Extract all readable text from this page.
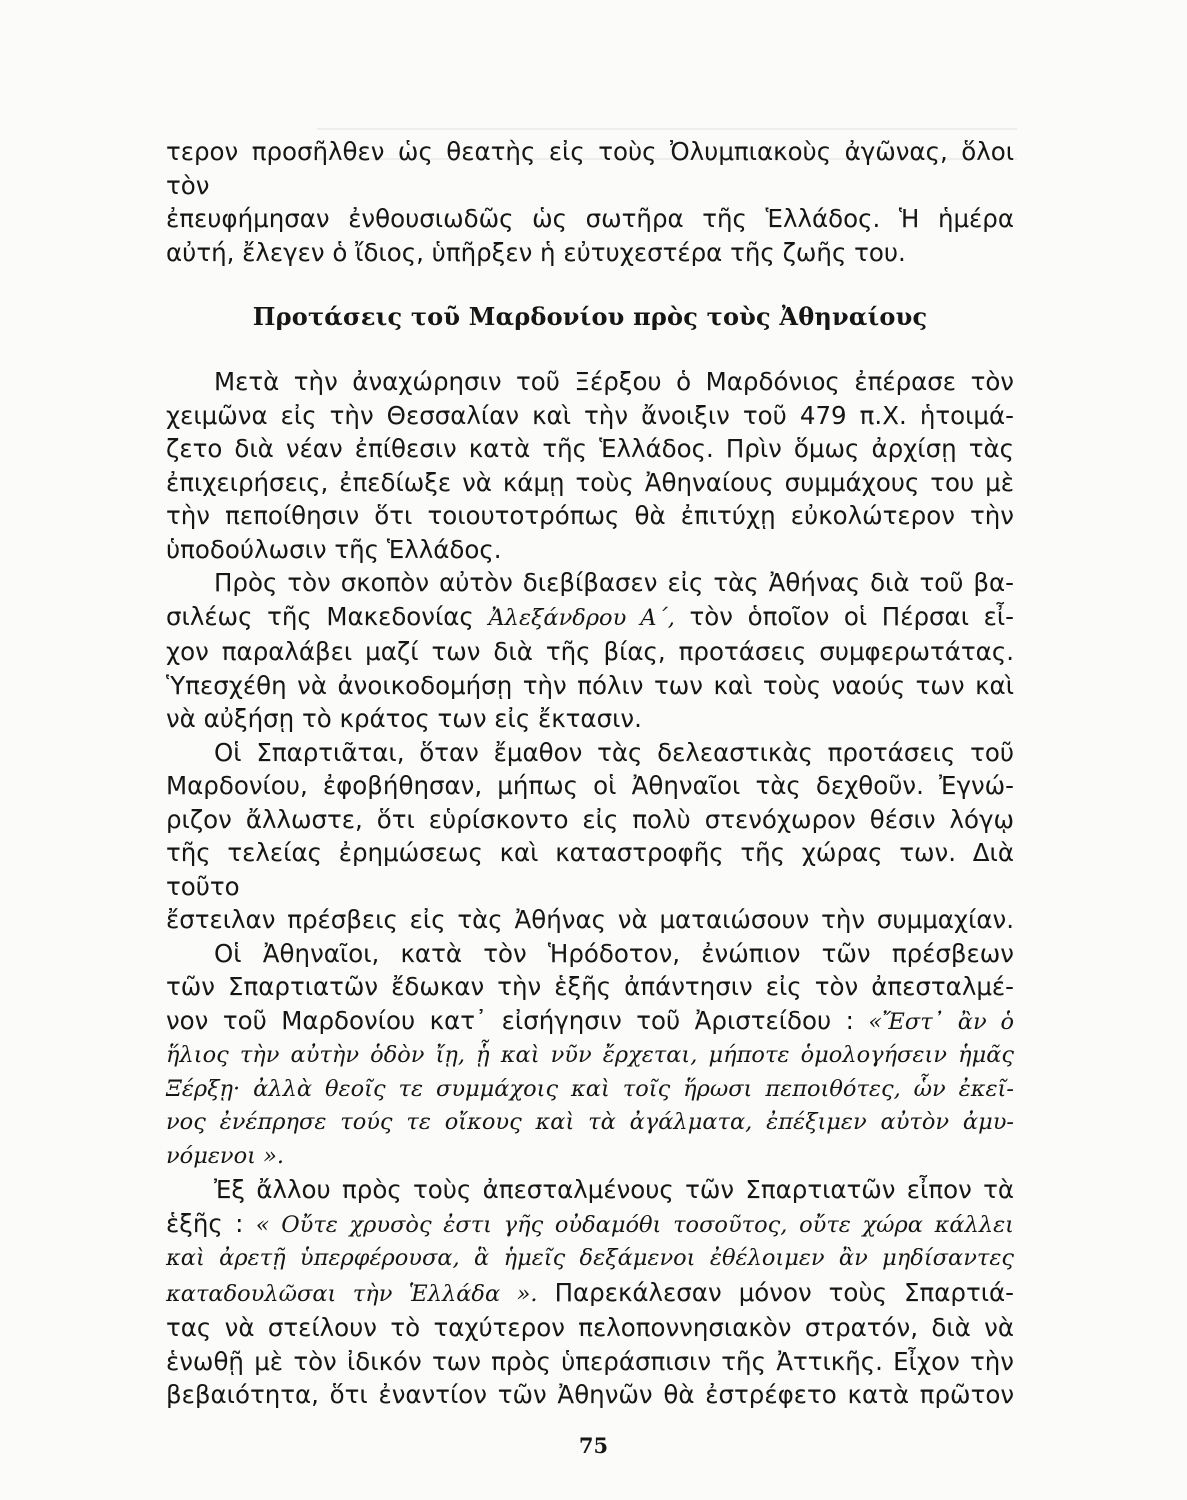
τερον προσῆλθεν ὡς θεατὴς εἰς τοὺς Ὀλυμπιακοὺς ἀγῶνας, ὅλοι τὸν

ἐπευφήμησαν ἐνθουσιωδῶς ὡς σωτῆρα τῆς Ἑλλάδος. Ἡ ἡμέρα

αὐτή, ἔλεγεν ὁ ἴδιος, ὑπῆρξεν ἡ εὐτυχεστέρα τῆς ζωῆς του.

Προτάσεις τοῦ Μαρδονίου πρὸς τοὺς Ἀθηναίους

Μετὰ τὴν ἀναχώρησιν τοῦ Ξέρξου ὁ Μαρδόνιος ἐπέρασε τὸν

χειμῶνα εἰς τὴν Θεσσαλίαν καὶ τὴν ἄνοιξιν τοῦ 479 π.Χ. ἡτοιμά-

ζετο διὰ νέαν ἐπίθεσιν κατὰ τῆς Ἑλλάδος. Πρὶν ὅμως ἀρχίσῃ τὰς

ἐπιχειρήσεις, ἐπεδίωξε νὰ κάμῃ τοὺς Ἀθηναίους συμμάχους του μὲ

τὴν πεποίθησιν ὅτι τοιουτοτρόπως θὰ ἐπιτύχῃ εὐκολώτερον τὴν

ὑποδούλωσιν τῆς Ἑλλάδος.

Πρὸς τὸν σκοπὸν αὐτὸν διεβίβασεν εἰς τὰς Ἀθήνας διὰ τοῦ βα-

σιλέως τῆς Μακεδονίας Ἀλεξάνδρου Α΄, τὸν ὁποῖον οἱ Πέρσαι εἶ-

χον παραλάβει μαζί των διὰ τῆς βίας, προτάσεις συμφερωτάτας.

Ὑπεσχέθη νὰ ἀνοικοδομήσῃ τὴν πόλιν των καὶ τοὺς ναούς των καὶ

νὰ αὐξήσῃ τὸ κράτος των εἰς ἔκτασιν.

Οἱ Σπαρτιᾶται, ὅταν ἔμαθον τὰς δελεαστικὰς προτάσεις τοῦ

Μαρδονίου, ἐφοβήθησαν, μήπως οἱ Ἀθηναῖοι τὰς δεχθοῦν. Ἐγνώ-

ριζον ἄλλωστε, ὅτι εὑρίσκοντο εἰς πολὺ στενόχωρον θέσιν λόγῳ

τῆς τελείας ἐρημώσεως καὶ καταστροφῆς τῆς χώρας των. Διὰ τοῦτο

ἔστειλαν πρέσβεις εἰς τὰς Ἀθήνας νὰ ματαιώσουν τὴν συμμαχίαν.

Οἱ Ἀθηναῖοι, κατὰ τὸν Ἡρόδοτον, ἐνώπιον τῶν πρέσβεων

τῶν Σπαρτιατῶν ἔδωκαν τὴν ἑξῆς ἀπάντησιν εἰς τὸν ἀπεσταλμέ-

νον τοῦ Μαρδονίου κατ᾿ εἰσήγησιν τοῦ Ἀριστείδου : «Ἔστ᾿ ἂν ὁ

ἥλιος τὴν αὐτὴν ὁδὸν ἴῃ, ᾗ καὶ νῦν ἔρχεται, μήποτε ὁμολογήσειν ἡμᾶς

Ξέρξῃ· ἀλλὰ θεοῖς τε συμμάχοις καὶ τοῖς ἥρωσι πεποιθότες, ὧν ἐκεῖ-

νος ἐνέπρησε τούς τε οἴκους καὶ τὰ ἀγάλματα, ἐπέξιμεν αὐτὸν ἀμυ-

νόμενοι ».

Ἐξ ἄλλου πρὸς τοὺς ἀπεσταλμένους τῶν Σπαρτιατῶν εἶπον τὰ

ἑξῆς : « Οὔτε χρυσὸς ἐστι γῆς οὐδαμόθι τοσοῦτος, οὔτε χώρα κάλλει

καὶ ἀρετῇ ὑπερφέρουσα, ἃ ἡμεῖς δεξάμενοι ἐθέλοιμεν ἂν μηδίσαντες

καταδουλῶσαι τὴν Ἑλλάδα ». Παρεκάλεσαν μόνον τοὺς Σπαρτιά-

τας νὰ στείλουν τὸ ταχύτερον πελοποννησιακὸν στρατόν, διὰ νὰ

ἑνωθῇ μὲ τὸν ἰδικόν των πρὸς ὑπεράσπισιν τῆς Ἀττικῆς. Εἶχον τὴν

βεβαιότητα, ὅτι ἐναντίον τῶν Ἀθηνῶν θὰ ἐστρέφετο κατὰ πρῶτον

75
